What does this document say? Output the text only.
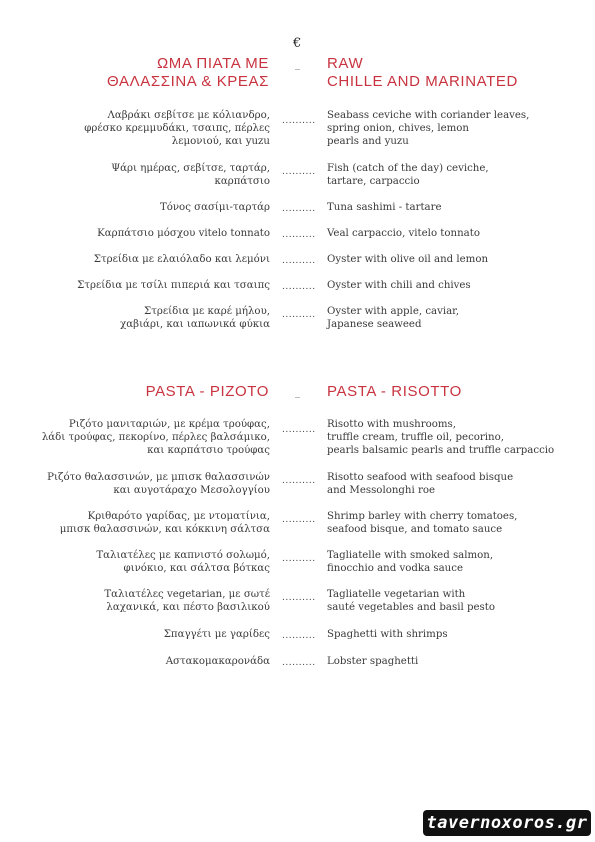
€
ΩΜΑ ΠΙΑΤΑ ΜΕ
ΘΑΛΑΣΣΙΝΑ & ΚΡΕΑΣ
_ RAW
CHILLE AND MARINATED
Λαβράκι σεβίτσε με κόλιανδρο,
φρέσκο κρεμμυδάκι, τσαιπς, πέρλες
λεμονιού, και yuzu
.......... Seabass ceviche with coriander leaves,
spring onion, chives, lemon
pearls and yuzu
Ψάρι ημέρας, σεβίτσε, ταρτάρ,
καρπάτσιο
.......... Fish (catch of the day) ceviche,
tartare, carpaccio
Τόνος σασίμι-ταρτάρ .......... Tuna sashimi - tartare
Καρπάτσιο μόσχου vitelo tonnato .......... Veal carpaccio, vitelo tonnato
Στρείδια με ελαιόλαδο και λεμόνι .......... Oyster with olive oil and lemon
Στρείδια με τσίλι πιπεριά και τσαιπς .......... Oyster with chili and chives
Στρείδια με καρέ μήλου,
χαβιάρι, και ιαπωνικά φύκια
.......... Oyster with apple, caviar,
Japanese seaweed
PASTA - PIZOTO	_ PASTA - RISOTTO
Ριζότο μανιταριών, με κρέμα τρούφας,
λάδι τρούφας, πεκορίνο, πέρλες βαλσάμικο,
και καρπάτσιο τρούφας
.......... Risotto with mushrooms,
truffle cream, truffle oil, pecorino,
pearls balsamic pearls and truffle carpaccio
Ριζότο θαλασσινών, με μπισκ θαλασσινών
και αυγοτάραχο Μεσολογγίου
.......... Risotto seafood with seafood bisque
and Messolonghi roe
Κριθαρότο γαρίδας, με ντοματίνια,
μπισκ θαλασσινών, και κόκκινη σάλτσα
.......... Shrimp barley with cherry tomatoes,
seafood bisque, and tomato sauce
Ταλιατέλες με καπνιστό σολωμό,
φινόκιο, και σάλτσα βότκας
.......... Tagliatelle with smoked salmon,
finocchio and vodka sauce
Ταλιατέλες vegetarian, με σωτέ
λαχανικά, και πέστο βασιλικού
.......... Tagliatelle vegetarian with
sauté vegetables and basil pesto
Σπαγγέτι με γαρίδες .......... Spaghetti with shrimps
Αστακομακαρονάδα .......... Lobster spaghetti
tavernoxoros.gr
